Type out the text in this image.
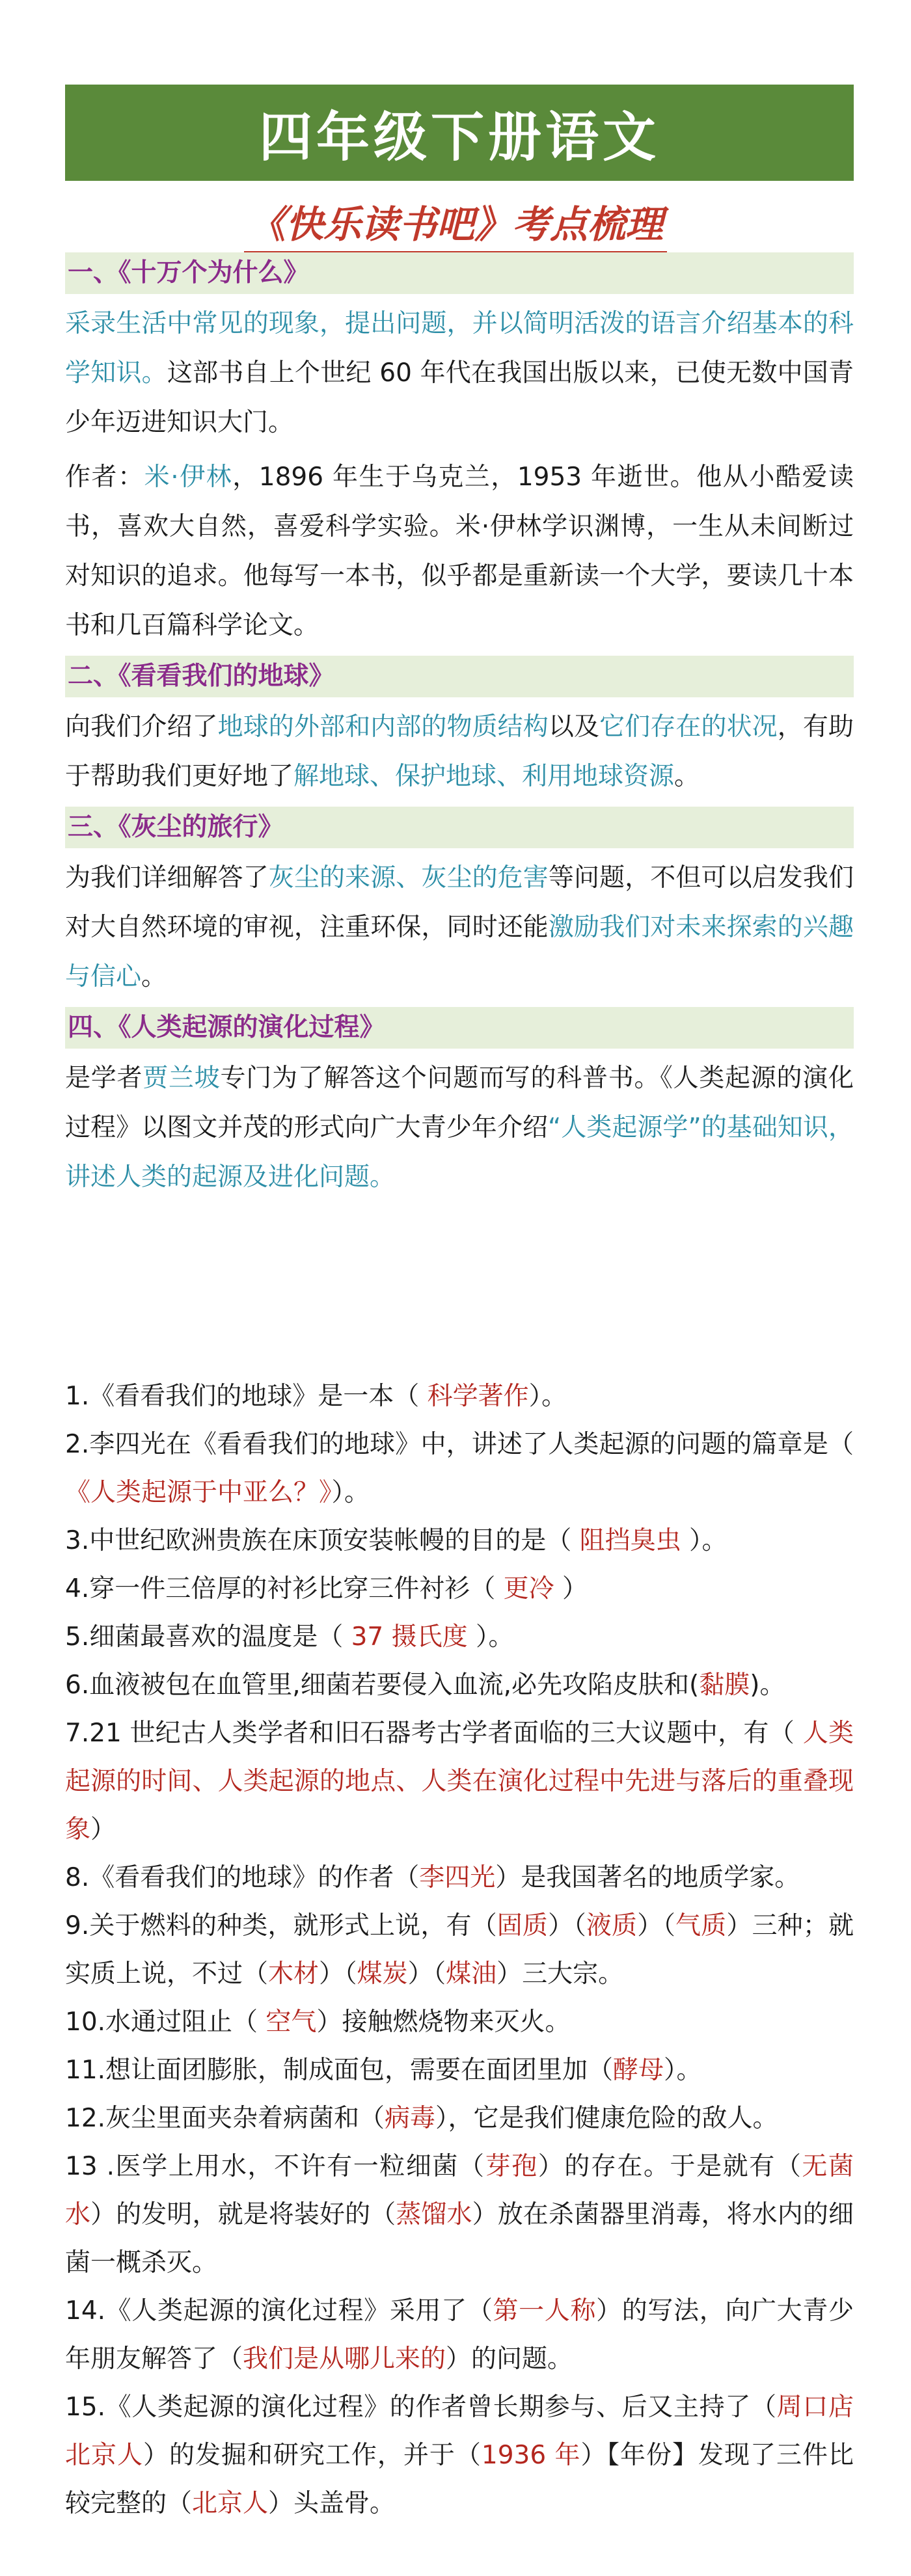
四年级下册语文
《快乐读书吧》考点梳理
一、《十万个为什么》

采录生活中常见的现象，提出问题，并以简明活泼的语言介绍基本的科学知识。这部书自上个世纪 60 年代在我国出版以来，已使无数中国青少年迈进知识大门。

作者：米·伊林，1896 年生于乌克兰，1953 年逝世。他从小酷爱读书，喜欢大自然，喜爱科学实验。米·伊林学识渊博，一生从未间断过对知识的追求。他每写一本书，似乎都是重新读一个大学，要读几十本书和几百篇科学论文。

二、《看看我们的地球》

向我们介绍了地球的外部和内部的物质结构以及它们存在的状况，有助于帮助我们更好地了解地球、保护地球、利用地球资源。

三、《灰尘的旅行》

为我们详细解答了灰尘的来源、灰尘的危害等问题，不但可以启发我们对大自然环境的审视，注重环保，同时还能激励我们对未来探索的兴趣与信心。

四、《人类起源的演化过程》

是学者贾兰坡专门为了解答这个问题而写的科普书。《人类起源的演化过程》以图文并茂的形式向广大青少年介绍“人类起源学”的基础知识，讲述人类的起源及进化问题。

1.《看看我们的地球》是一本（ 科学著作）。
2.李四光在《看看我们的地球》中，讲述了人类起源的问题的篇章是（ 《人类起源于中亚么？》）。
3.中世纪欧洲贵族在床顶安装帐幔的目的是（ 阻挡臭虫 ）。
4.穿一件三倍厚的衬衫比穿三件衬衫（ 更冷 ）
5.细菌最喜欢的温度是（ 37 摄氏度 ）。
6.血液被包在血管里,细菌若要侵入血流,必先攻陷皮肤和(黏膜)。
7.21 世纪古人类学者和旧石器考古学者面临的三大议题中，有（ 人类起源的时间、人类起源的地点、人类在演化过程中先进与落后的重叠现象）
8.《看看我们的地球》的作者（李四光）是我国著名的地质学家。
9.关于燃料的种类，就形式上说，有（固质）（液质）（气质）三种；就实质上说，不过（木材）（煤炭）（煤油）三大宗。
10.水通过阻止（ 空气）接触燃烧物来灭火。
11.想让面团膨胀，制成面包，需要在面团里加（酵母）。
12.灰尘里面夹杂着病菌和（病毒），它是我们健康危险的敌人。
13 .医学上用水，不许有一粒细菌（芽孢）的存在。于是就有（无菌水）的发明，就是将装好的（蒸馏水）放在杀菌器里消毒，将水内的细菌一概杀灭。
14.《人类起源的演化过程》采用了（第一人称）的写法，向广大青少年朋友解答了（我们是从哪儿来的）的问题。
15.《人类起源的演化过程》的作者曾长期参与、后又主持了（周口店北京人）的发掘和研究工作，并于（1936 年）【年份】发现了三件比较完整的（北京人）头盖骨。
